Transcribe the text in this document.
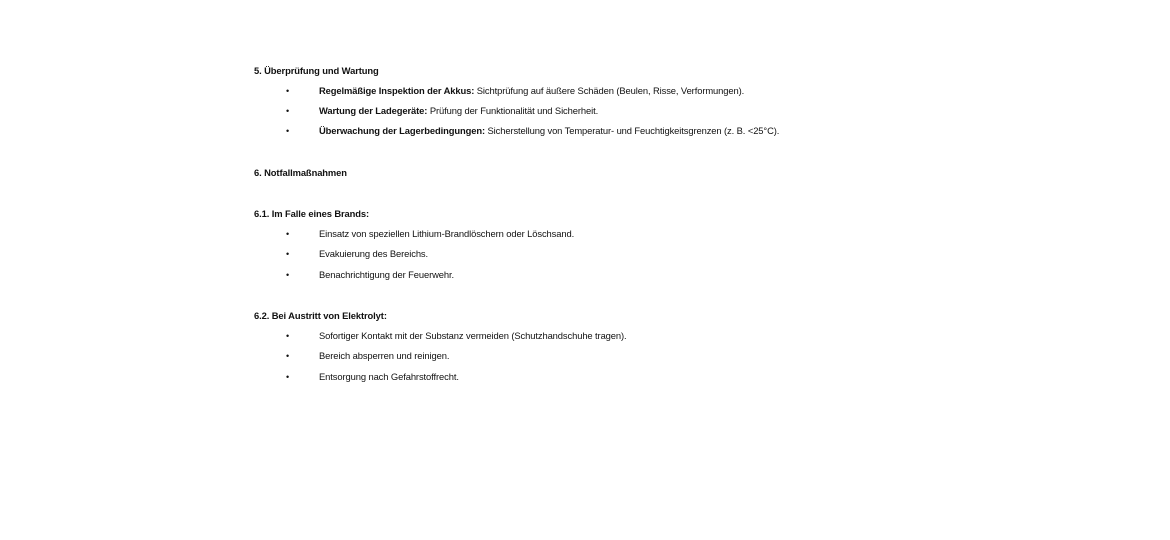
5. Überprüfung und Wartung
•	Regelmäßige Inspektion der Akkus: Sichtprüfung auf äußere Schäden (Beulen, Risse, Verformungen).
•	Wartung der Ladegeräte: Prüfung der Funktionalität und Sicherheit.
•	Überwachung der Lagerbedingungen: Sicherstellung von Temperatur- und Feuchtigkeitsgrenzen (z. B. <25°C).
6. Notfallmaßnahmen
6.1. Im Falle eines Brands:
•	Einsatz von speziellen Lithium-Brandlöschern oder Löschsand.
•	Evakuierung des Bereichs.
•	Benachrichtigung der Feuerwehr.
6.2. Bei Austritt von Elektrolyt:
•	Sofortiger Kontakt mit der Substanz vermeiden (Schutzhandschuhe tragen).
•	Bereich absperren und reinigen.
•	Entsorgung nach Gefahrstoffrecht.
